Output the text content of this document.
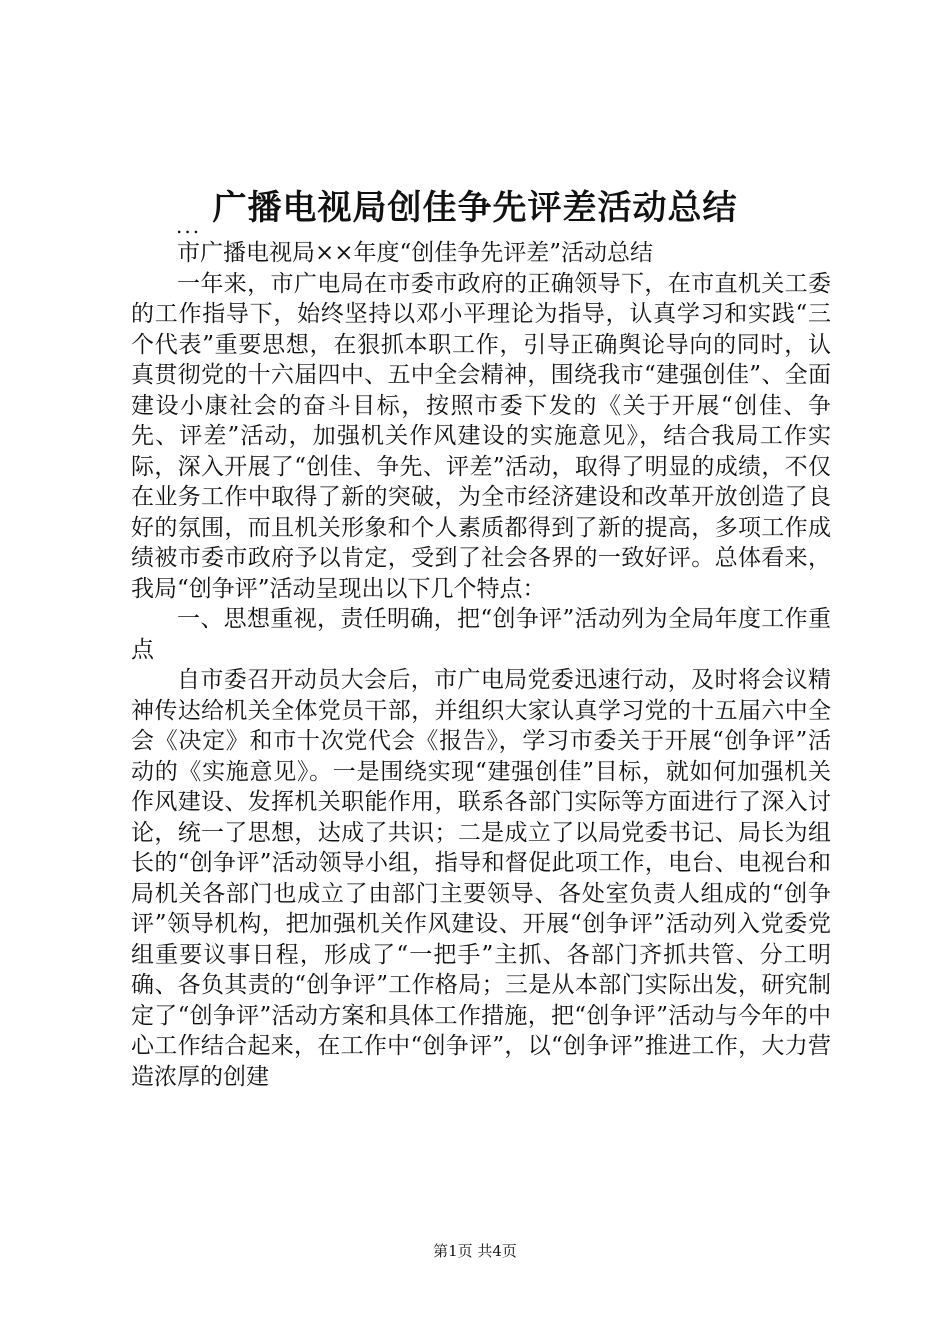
广播电视局创佳争先评差活动总结
...

市广播电视局××年度“创佳争先评差”活动总结

一年来，市广电局在市委市政府的正确领导下，在市直机关工委的工作指导下，始终坚持以邓小平理论为指导，认真学习和实践“三个代表”重要思想，在狠抓本职工作，引导正确舆论导向的同时，认真贯彻党的十六届四中、五中全会精神，围绕我市“建强创佳”、全面建设小康社会的奋斗目标，按照市委下发的《关于开展“创佳、争先、评差”活动，加强机关作风建设的实施意见》，结合我局工作实际，深入开展了“创佳、争先、评差”活动，取得了明显的成绩，不仅在业务工作中取得了新的突破，为全市经济建设和改革开放创造了良好的氛围，而且机关形象和个人素质都得到了新的提高，多项工作成绩被市委市政府予以肯定，受到了社会各界的一致好评。总体看来，我局“创争评”活动呈现出以下几个特点：

一、思想重视，责任明确，把“创争评”活动列为全局年度工作重点

自市委召开动员大会后，市广电局党委迅速行动，及时将会议精神传达给机关全体党员干部，并组织大家认真学习党的十五届六中全会《决定》和市十次党代会《报告》，学习市委关于开展“创争评”活动的《实施意见》。一是围绕实现“建强创佳”目标，就如何加强机关作风建设、发挥机关职能作用，联系各部门实际等方面进行了深入讨论，统一了思想，达成了共识；二是成立了以局党委书记、局长为组长的“创争评”活动领导小组，指导和督促此项工作，电台、电视台和局机关各部门也成立了由部门主要领导、各处室负责人组成的“创争评”领导机构，把加强机关作风建设、开展“创争评”活动列入党委党组重要议事日程，形成了“一把手”主抓、各部门齐抓共管、分工明确、各负其责的“创争评”工作格局；三是从本部门实际出发，研究制定了“创争评”活动方案和具体工作措施，把“创争评”活动与今年的中心工作结合起来，在工作中“创争评”，以“创争评”推进工作，大力营造浓厚的创建

第1页 共4页
